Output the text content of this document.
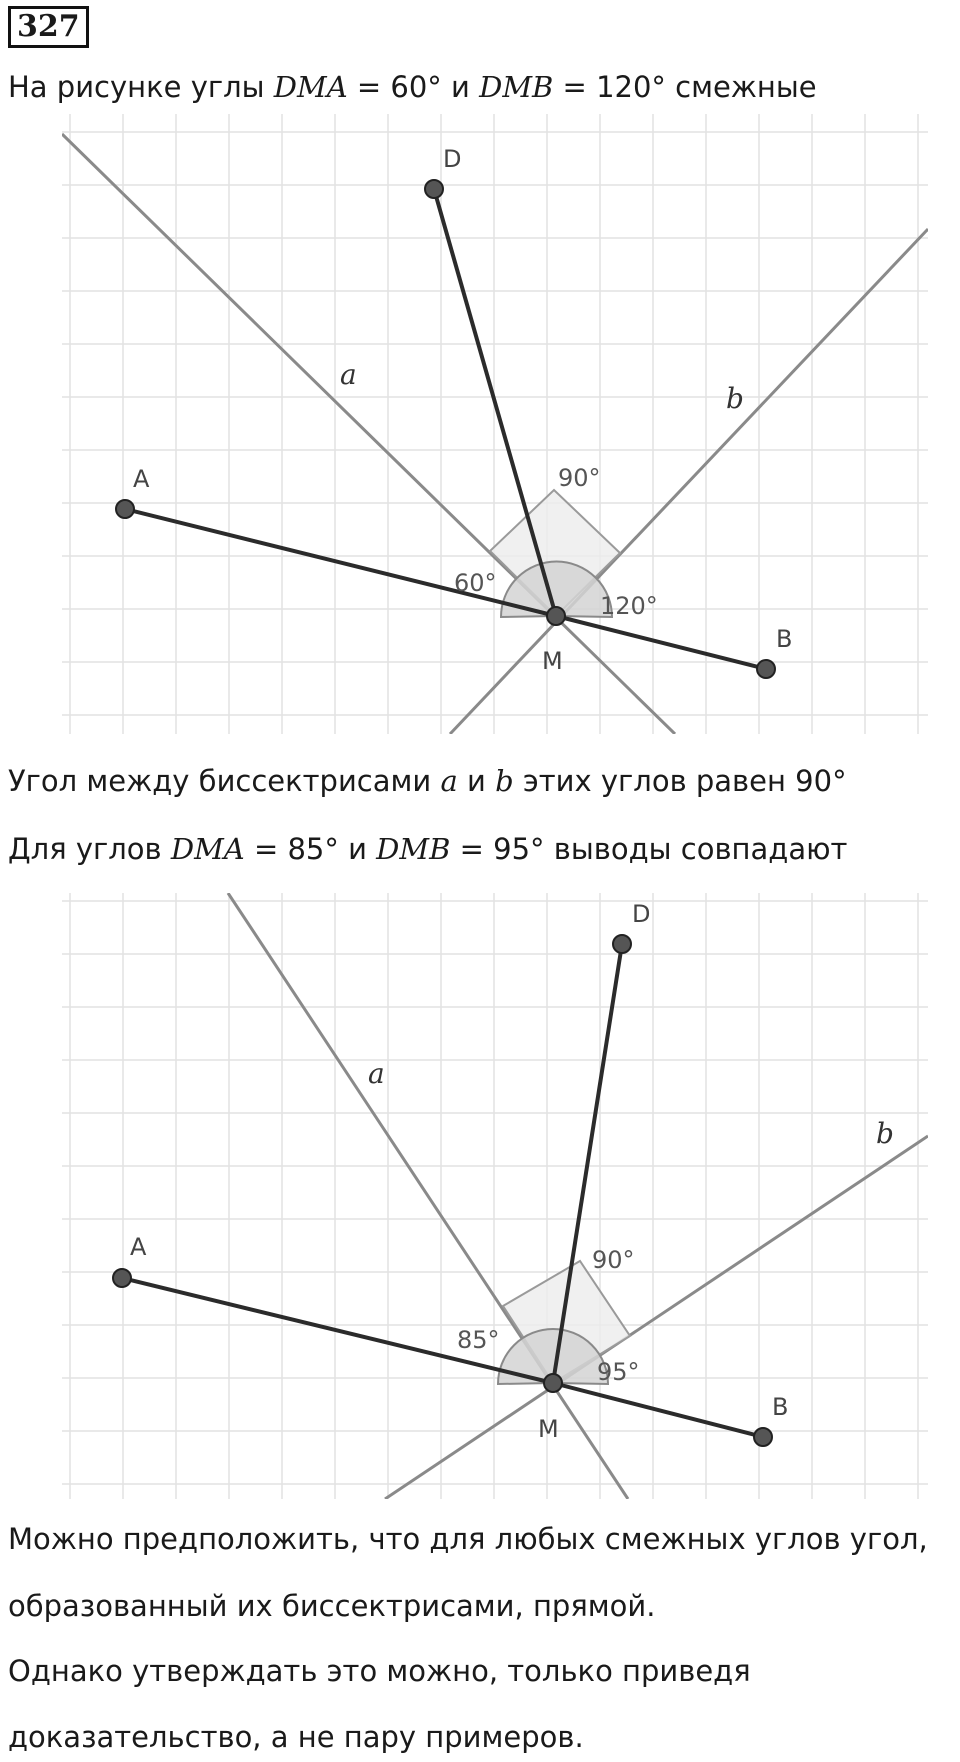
327
На рисунке углы DMA = 60° и DMB = 120° смежные
D
A
B
M
a
b
90°
60°
120°
Угол между биссектрисами a и b этих углов равен 90°
Для углов DMA = 85° и DMB = 95° выводы совпадают
D
A
B
M
a
b
90°
85°
95°
Можно предположить, что для любых смежных углов угол,
образованный их биссектрисами, прямой.
Однако утверждать это можно, только приведя
доказательство, а не пару примеров.
